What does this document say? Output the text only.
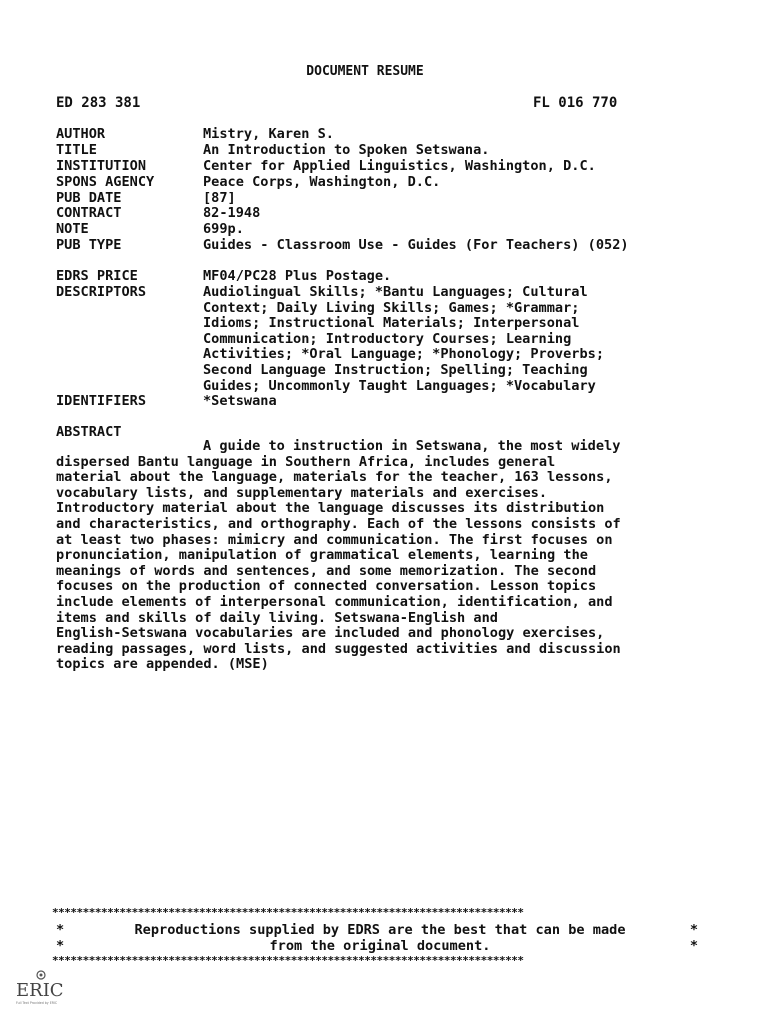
DOCUMENT RESUME
ED 283 381	FL 016 770
AUTHOR	Mistry, Karen S.
TITLE	An Introduction to Spoken Setswana.
INSTITUTION	Center for Applied Linguistics, Washington, D.C.
SPONS AGENCY	Peace Corps, Washington, D.C.
PUB DATE	[87]
CONTRACT	82-1948
NOTE	699p.
PUB TYPE	Guides - Classroom Use - Guides (For Teachers) (052)
EDRS PRICE	MF04/PC28 Plus Postage.
DESCRIPTORS	Audiolingual Skills; *Bantu Languages; Cultural
Context; Daily Living Skills; Games; *Grammar;
Idioms; Instructional Materials; Interpersonal
Communication; Introductory Courses; Learning
Activities; *Oral Language; *Phonology; Proverbs;
Second Language Instruction; Spelling; Teaching
Guides; Uncommonly Taught Languages; *Vocabulary
IDENTIFIERS	*Setswana
ABSTRACT
A guide to instruction in Setswana, the most widely
dispersed Bantu language in Southern Africa, includes general
material about the language, materials for the teacher, 163 lessons,
vocabulary lists, and supplementary materials and exercises.
Introductory material about the language discusses its distribution
and characteristics, and orthography. Each of the lessons consists of
at least two phases: mimicry and communication. The first focuses on
pronunciation, manipulation of grammatical elements, learning the
meanings of words and sentences, and some memorization. The second
focuses on the production of connected conversation. Lesson topics
include elements of interpersonal communication, identification, and
items and skills of daily living. Setswana-English and
English-Setswana vocabularies are included and phonology exercises,
reading passages, word lists, and suggested activities and discussion
topics are appended. (MSE)
*****************************************************************************
*	Reproductions supplied by EDRS are the best that can be made	*
*	from the original document.	*
*****************************************************************************
ERIC
Full Text Provided by ERIC
